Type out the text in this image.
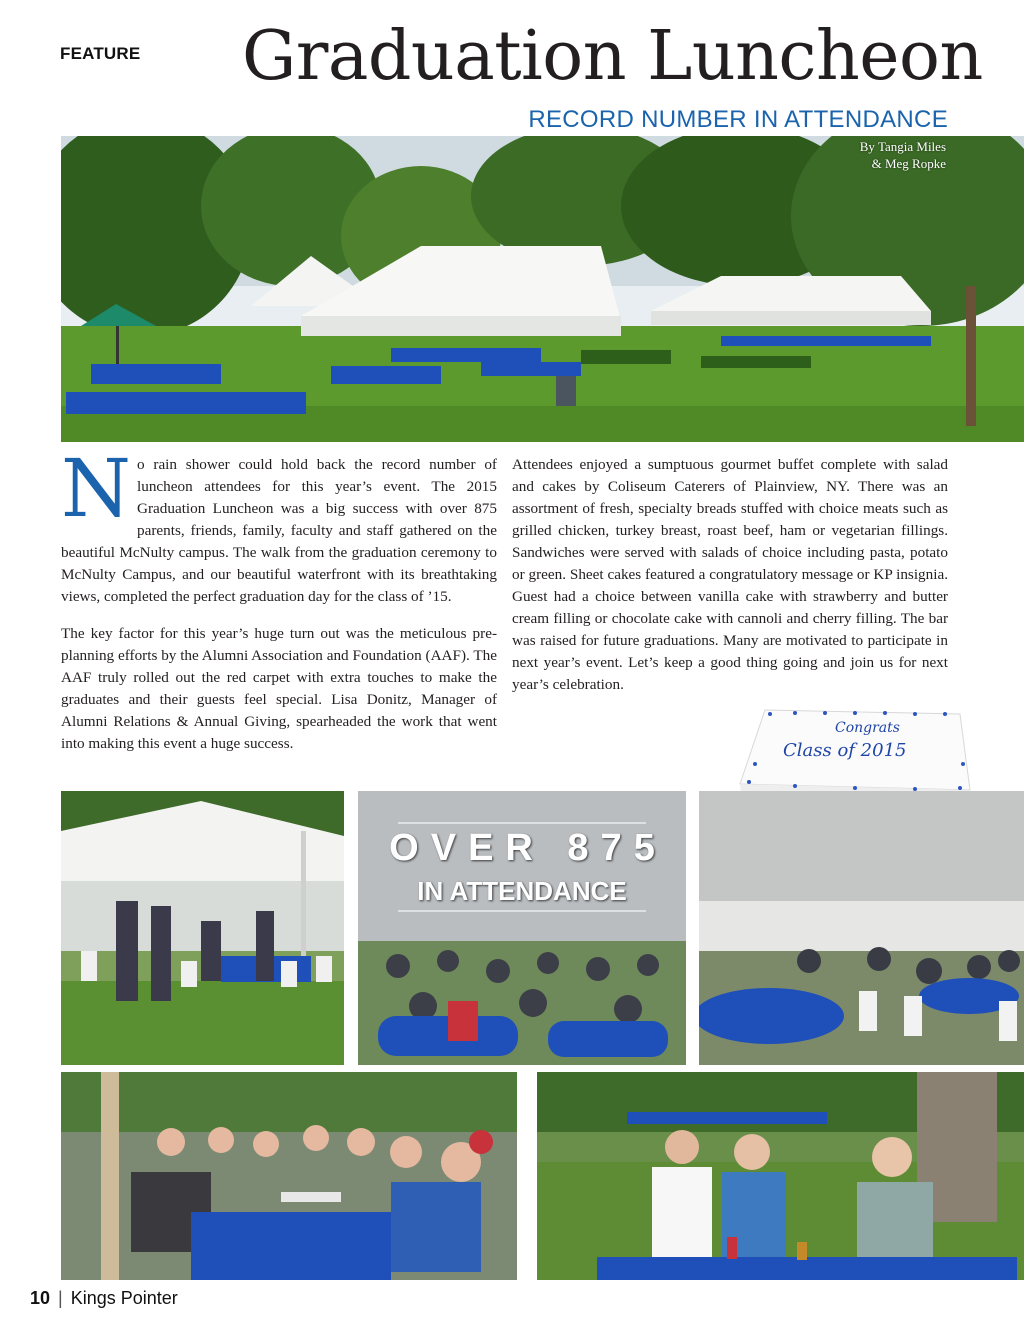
FEATURE Graduation Luncheon
RECORD NUMBER IN ATTENDANCE
By Tangia Miles
& Meg Ropke

No rain shower could hold back the record number of luncheon attendees for this year’s event. The 2015 Graduation Luncheon was a big success with over 875 parents, friends, family, faculty and staff gathered on the beautiful McNulty campus. The walk from the graduation ceremony to McNulty Campus, and our beautiful waterfront with its breathtaking views, completed the perfect graduation day for the class of ’15.

The key factor for this year’s huge turn out was the meticulous pre-planning efforts by the Alumni Association and Foundation (AAF). The AAF truly rolled out the red carpet with extra touches to make the graduates and their guests feel special. Lisa Donitz, Manager of Alumni Relations & Annual Giving, spearheaded the work that went into making this event a huge success.

Attendees enjoyed a sumptuous gourmet buffet complete with salad and cakes by Coliseum Caterers of Plainview, NY. There was an assortment of fresh, specialty breads stuffed with choice meats such as grilled chicken, turkey breast, roast beef, ham or vegetarian fillings. Sandwiches were served with salads of choice including pasta, potato or green. Sheet cakes featured a congratulatory message or KP insignia. Guest had a choice between vanilla cake with strawberry and butter cream filling or chocolate cake with cannoli and cherry filling. The bar was raised for future graduations. Many are motivated to participate in next year’s event. Let’s keep a good thing going and join us for next year’s celebration.

Congrats
Class of 2015
OVER 875
IN ATTENDANCE
10 | Kings Pointer
